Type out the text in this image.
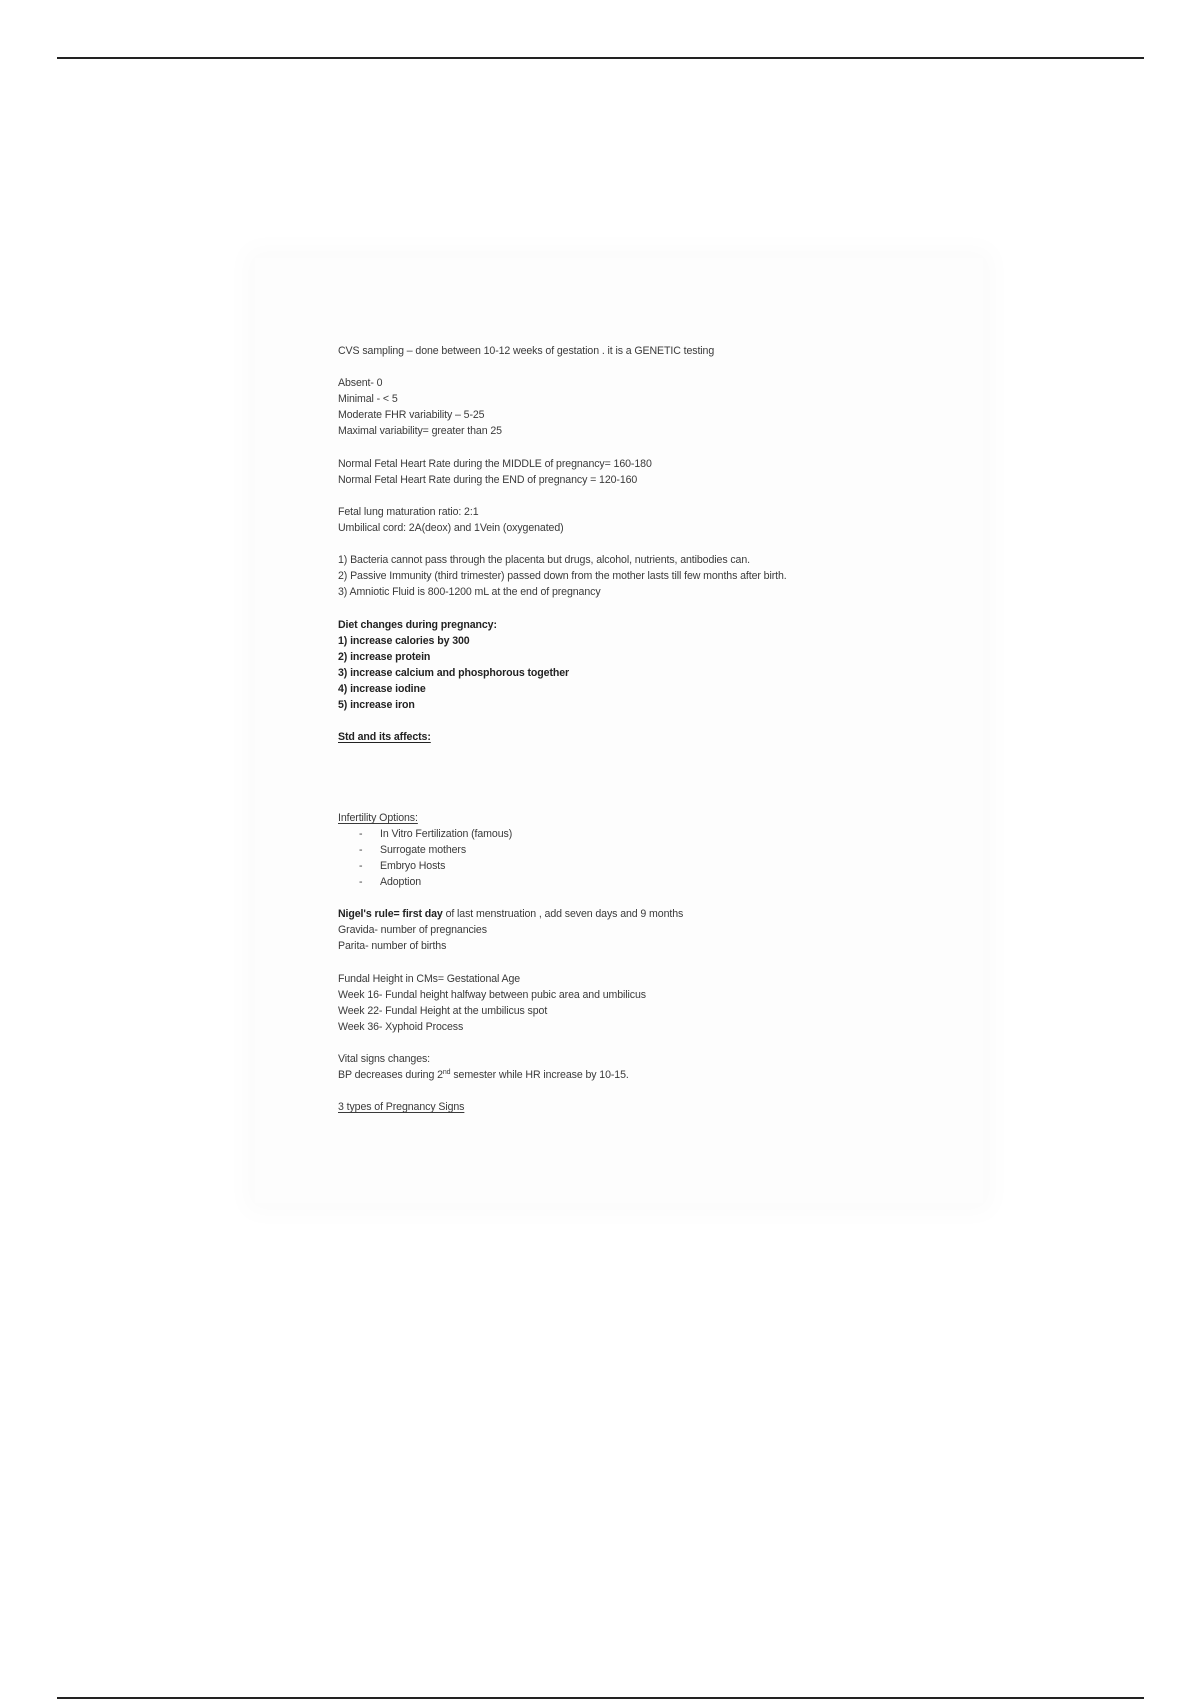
CVS sampling – done between 10-12 weeks of gestation . it is a GENETIC testing
Absent- 0
Minimal - < 5
Moderate FHR variability – 5-25
Maximal variability= greater than 25
Normal Fetal Heart Rate during the MIDDLE of pregnancy= 160-180
Normal Fetal Heart Rate during the END of pregnancy = 120-160
Fetal lung maturation ratio: 2:1
Umbilical cord: 2A(deox) and 1Vein (oxygenated)
1) Bacteria cannot pass through the placenta but drugs, alcohol, nutrients, antibodies can.
2) Passive Immunity (third trimester) passed down from the mother lasts till few months after birth.
3) Amniotic Fluid is 800-1200 mL at the end of pregnancy
Diet changes during pregnancy:
1) increase calories by 300
2) increase protein
3) increase calcium and phosphorous together
4) increase iodine
5) increase iron
Std and its affects:
Infertility Options:
- In Vitro Fertilization (famous)
- Surrogate mothers
- Embryo Hosts
- Adoption
Nigel's rule= first day of last menstruation , add seven days and 9 months
Gravida- number of pregnancies
Parita- number of births
Fundal Height in CMs= Gestational Age
Week 16- Fundal height halfway between pubic area and umbilicus
Week 22- Fundal Height at the umbilicus spot
Week 36- Xyphoid Process
Vital signs changes:
BP decreases during 2nd semester while HR increase by 10-15.
3 types of Pregnancy Signs
